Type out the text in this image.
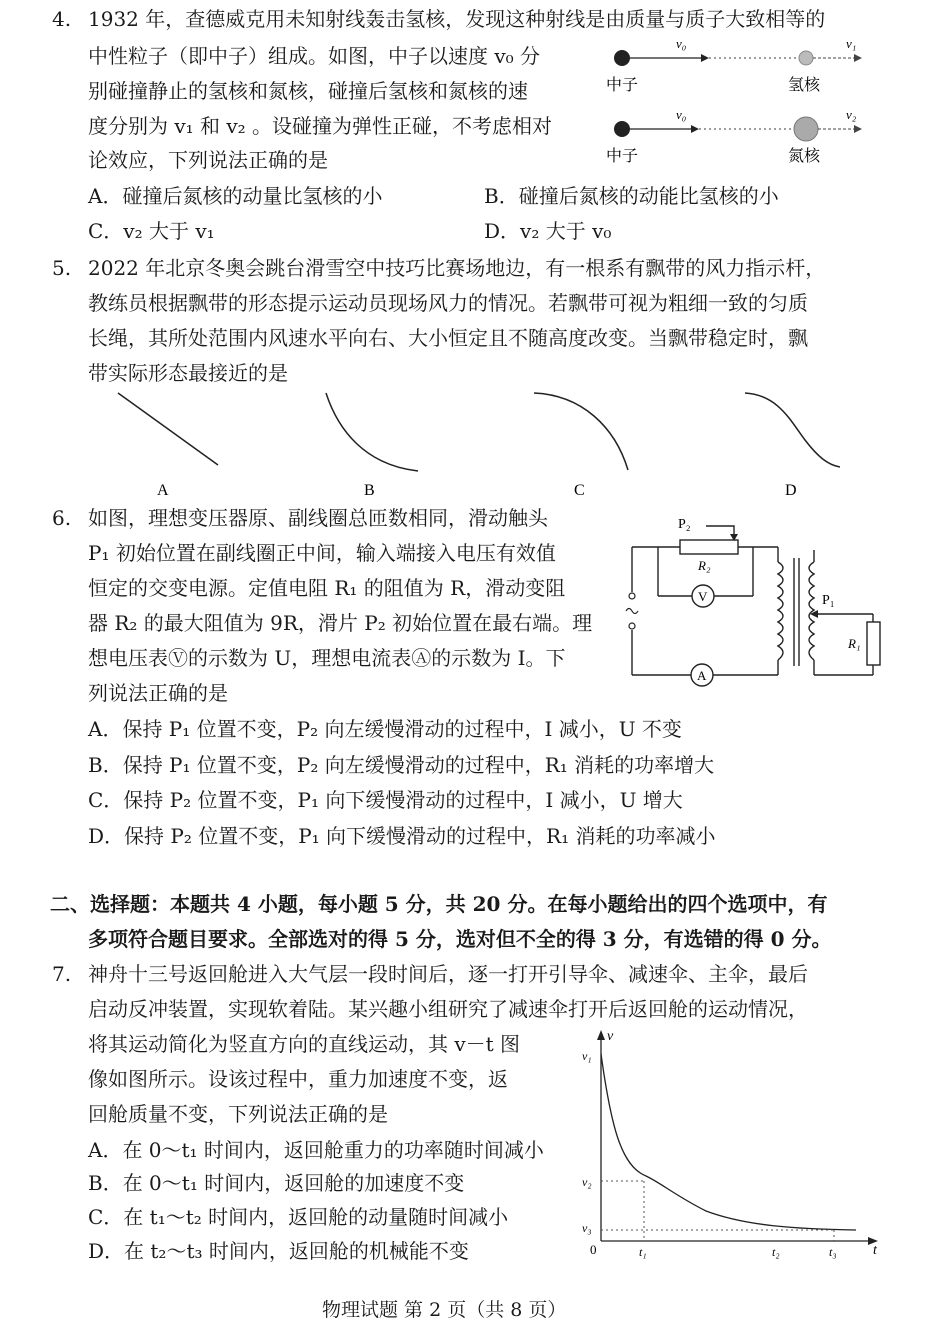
4. 1932 年，查德威克用未知射线轰击氢核，发现这种射线是由质量与质子大致相等的
中性粒子（即中子）组成。如图，中子以速度 v₀ 分
别碰撞静止的氢核和氮核，碰撞后氢核和氮核的速
度分别为 v₁ 和 v₂ 。设碰撞为弹性正碰，不考虑相对
论效应，下列说法正确的是
A．碰撞后氮核的动量比氢核的小	B．碰撞后氮核的动能比氢核的小
C．v₂ 大于 v₁	D．v₂ 大于 v₀
v₀	v₁
中子	氢核
v₀	v₂
中子	氮核
5. 2022 年北京冬奥会跳台滑雪空中技巧比赛场地边，有一根系有飘带的风力指示杆，
教练员根据飘带的形态提示运动员现场风力的情况。若飘带可视为粗细一致的匀质
长绳，其所处范围内风速水平向右、大小恒定且不随高度改变。当飘带稳定时，飘
带实际形态最接近的是
A	B	C	D
6. 如图，理想变压器原、副线圈总匝数相同，滑动触头
P₁ 初始位置在副线圈正中间，输入端接入电压有效值
恒定的交变电源。定值电阻 R₁ 的阻值为 R，滑动变阻
器 R₂ 的最大阻值为 9R，滑片 P₂ 初始位置在最右端。理
想电压表Ⓥ的示数为 U，理想电流表Ⓐ的示数为 I。下
列说法正确的是
A．保持 P₁ 位置不变，P₂ 向左缓慢滑动的过程中，I 减小，U 不变
B．保持 P₁ 位置不变，P₂ 向左缓慢滑动的过程中，R₁ 消耗的功率增大
C．保持 P₂ 位置不变，P₁ 向下缓慢滑动的过程中，I 减小，U 增大
D．保持 P₂ 位置不变，P₁ 向下缓慢滑动的过程中，R₁ 消耗的功率减小
P₂
R₂
V
A
P₁
R₁
二、选择题：本题共 4 小题，每小题 5 分，共 20 分。在每小题给出的四个选项中，有
多项符合题目要求。全部选对的得 5 分，选对但不全的得 3 分，有选错的得 0 分。
7. 神舟十三号返回舱进入大气层一段时间后，逐一打开引导伞、减速伞、主伞，最后
启动反冲装置，实现软着陆。某兴趣小组研究了减速伞打开后返回舱的运动情况，
将其运动简化为竖直方向的直线运动，其 v－t 图
像如图所示。设该过程中，重力加速度不变，返
回舱质量不变，下列说法正确的是
A．在 0～t₁ 时间内，返回舱重力的功率随时间减小
B．在 0～t₁ 时间内，返回舱的加速度不变
C．在 t₁～t₂ 时间内，返回舱的动量随时间减小
D．在 t₂～t₃ 时间内，返回舱的机械能不变
v
t
0
v₁
v₂
v₃
t₁	t₂	t₃
物理试题 第 2 页（共 8 页）
